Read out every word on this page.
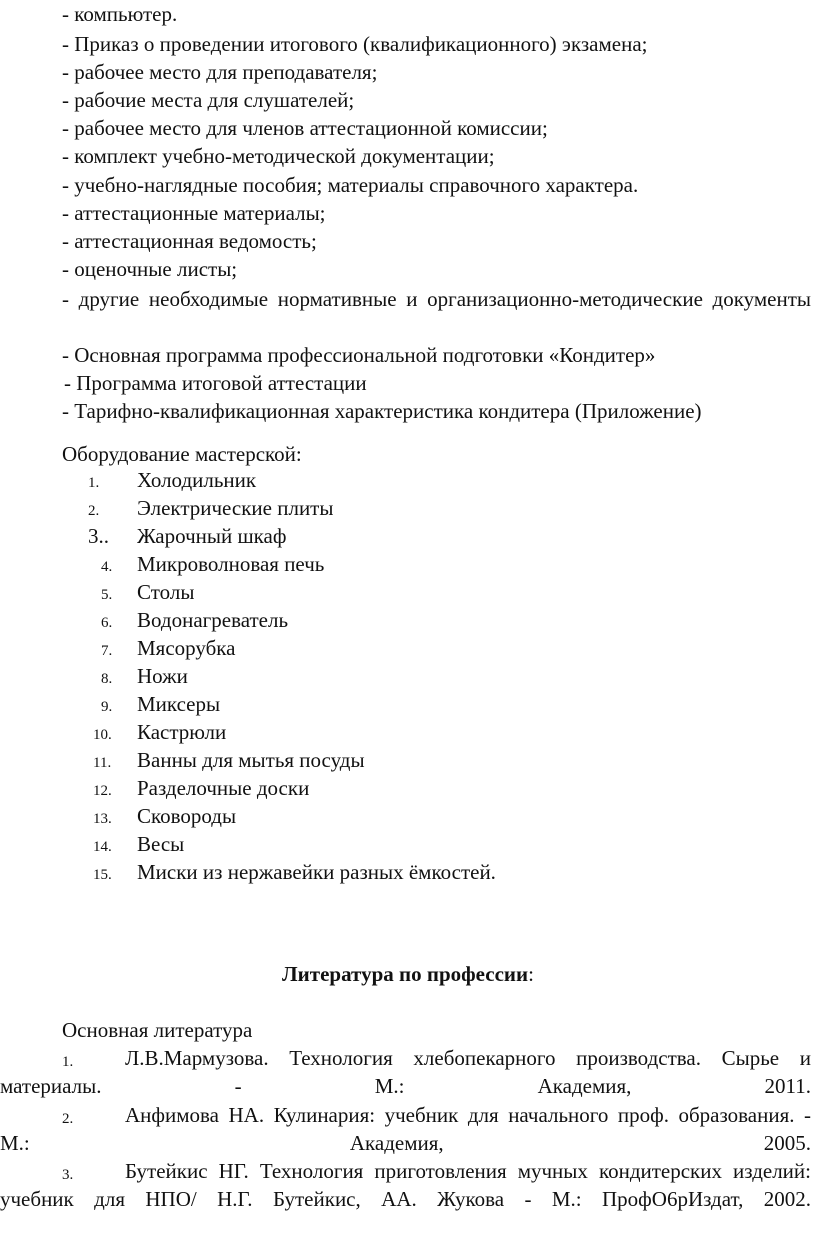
- компьютер.
- Приказ о проведении итогового (квалификационного) экзамена;
- рабочее место для преподавателя;
- рабочие места для слушателей;
- рабочее место для членов аттестационной комиссии;
- комплект учебно-методической документации;
- учебно-наглядные пособия; материалы справочного характера.
- аттестационные материалы;
- аттестационная ведомость;
- оценочные листы;
- другие необходимые нормативные и организационно-методические документы
- Основная программа профессиональной подготовки «Кондитер»
- Программа итоговой аттестации
- Тарифно-квалификационная характеристика кондитера (Приложение)
Оборудование мастерской:
1. Холодильник
2. Электрические плиты
3.. Жарочный шкаф
4. Микроволновая печь
5. Столы
6. Водонагреватель
7. Мясорубка
8. Ножи
9. Миксеры
10. Кастрюли
11. Ванны для мытья посуды
12. Разделочные доски
13. Сковороды
14. Весы
15. Миски из нержавейки разных ёмкостей.
Литература по профессии:
Основная литература
1.	Л.В.Мармузова. Технология хлебопекарного производства. Сырье и материалы. - М.: Академия, 2011.
2.	Анфимова НА. Кулинария: учебник для начального проф. образования. - М.: Академия, 2005.
3.	Бутейкис НГ. Технология приготовления мучных кондитерских изделий: учебник для НПО/ Н.Г. Бутейкис, АА. Жукова - М.: ПрофО6рИздат, 2002.
